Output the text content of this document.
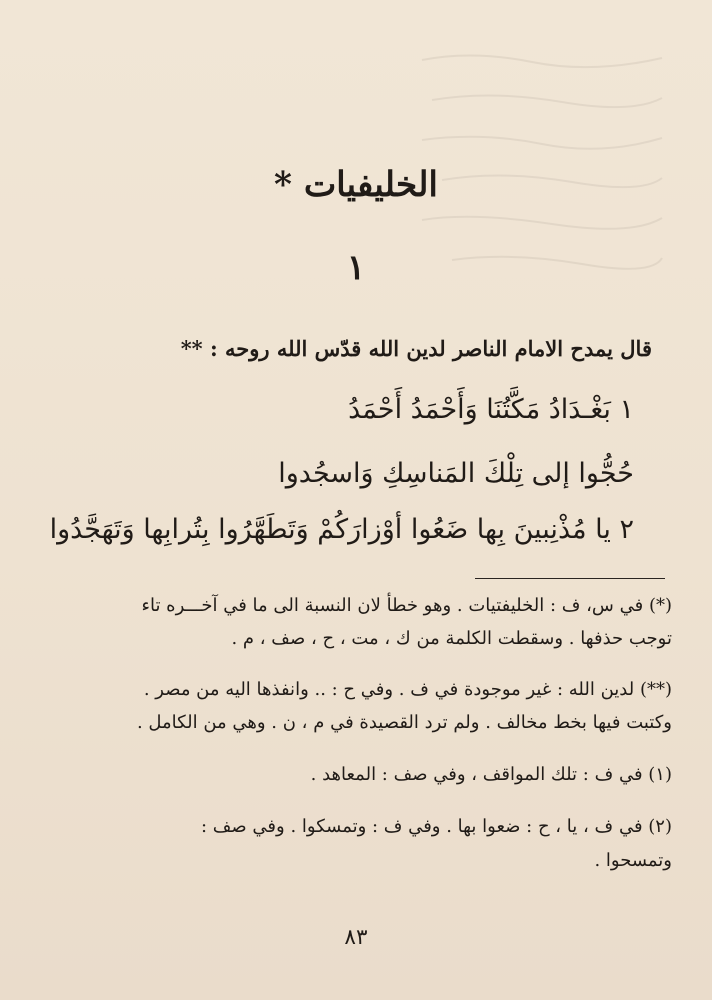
الخليفيات *
١
قال يمدح الامام الناصر لدين الله قدّس الله روحه : **
١ بَغْـدَادُ مَكَّتُنَا وَأَحْمَدُ أَحْمَدُ
حُجُّوا إلى تِلْكَ المَناسِكِ وَاسجُدوا
٢ يا مُذْنِبينَ بِها ضَعُوا أوْزارَكُمْ وَتَطَهَّرُوا بِتُرابِها وَتَهَجَّدُوا
(*) في س، ف : الخليفتيات . وهو خطأ لان النسبة الى ما في آخـــره تاء
توجب حذفها . وسقطت الكلمة من ك ، مت ، ح ، صف ، م .
(**) لدين الله : غير موجودة في ف . وفي ح : .. وانفذها اليه من مصر .
وكتبت فيها بخط مخالف . ولم ترد القصيدة في م ، ن . وهي من الكامل .
(١) في ف : تلك المواقف ، وفي صف : المعاهد .
(٢) في ف ، يا ، ح : ضعوا بها . وفي ف : وتمسكوا . وفي صف :
وتمسحوا .
٨٣
